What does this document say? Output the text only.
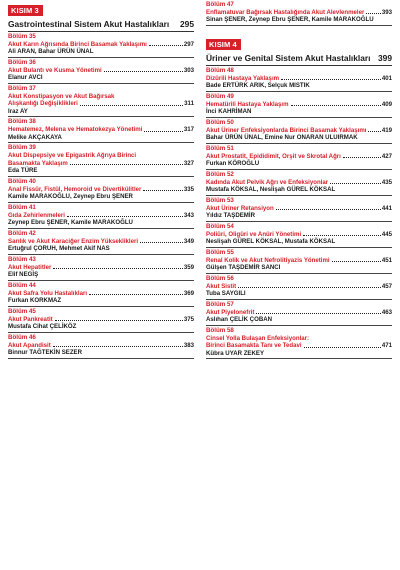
KISIM 3
Gastrointestinal Sistem Akut Hastalıkları 295
Bölüm 35
Akut Karın Ağrısında Birinci Basamak Yaklaşımı	297
Ali ARAN, Bahar ÜRÜN ÜNAL
Bölüm 36
Akut Bulantı ve Kusma Yönetimi	303
Elanur AVCI
Bölüm 37
Akut Konstipasyon ve Akut Bağırsak
Alışkanlığı Değişiklikleri	311
Iraz AY
Bölüm 38
Hematemez, Melena ve Hematokezya Yönetimi	317
Melike AKÇAKAYA
Bölüm 39
Akut Dispepsiye ve Epigastrik Ağrıya Birinci
Basamakta Yaklaşım	327
Eda TÜRE
Bölüm 40
Anal Fissür, Fistül, Hemoroid ve Divertikülitler	335
Kamile MARAKOĞLU, Zeynep Ebru ŞENER
Bölüm 41
Gıda Zehirlenmeleri	343
Zeynep Ebru ŞENER, Kamile MARAKOĞLU
Bölüm 42
Sarılık ve Akut Karaciğer Enzim Yükseklikleri	349
Ertuğrul ÇORUH, Mehmet Akif NAS
Bölüm 43
Akut Hepatitler	359
Elif NEGİŞ
Bölüm 44
Akut Safra Yolu Hastalıkları	369
Furkan KORKMAZ
Bölüm 45
Akut Pankreatit	375
Mustafa Cihat ÇELİKÖZ
Bölüm 46
Akut Apandisit	383
Binnur TAĞTEKİN SEZER
Bölüm 47
Enflamatuvar Bağırsak Hastalığında Akut Alevlenmeler	393
Sinan ŞENER, Zeynep Ebru ŞENER, Kamile MARAKOĞLU
KISIM 4
Üriner ve Genital Sistem Akut Hastalıkları 399
Bölüm 48
Dizürili Hastaya Yaklaşım	401
Bade ERTÜRK ARIK, Selçuk MISTIK
Bölüm 49
Hematürili Hastaya Yaklaşım	409
İnci KAHRİMAN
Bölüm 50
Akut Üriner Enfeksiyonlarda Birinci Basamak Yaklaşımı	419
Bahar ÜRÜN ÜNAL, Emine Nur ONARAN ULUIRMAK
Bölüm 51
Akut Prostatit, Epididimit, Orşit ve Skrotal Ağrı	427
Furkan KÖROĞLU
Bölüm 52
Kadında Akut Pelvik Ağrı ve Enfeksiyonlar	435
Mustafa KÖKSAL, Neslişah GÜREL KÖKSAL
Bölüm 53
Akut Üriner Retansiyon	441
Yıldız TAŞDEMİR
Bölüm 54
Poliüri, Oligüri ve Anüri Yönetimi	445
Neslişah GÜREL KÖKSAL, Mustafa KÖKSAL
Bölüm 55
Renal Kolik ve Akut Nefrolitiyazis Yönetimi	451
Gülşen TAŞDEMİR SANCI
Bölüm 56
Akut Sistit	457
Tuba SAYGILI
Bölüm 57
Akut Piyelonefrit	463
Aslıhan ÇELİK ÇOBAN
Bölüm 58
Cinsel Yolla Bulaşan Enfeksiyonlar:
Birinci Basamakta Tanı ve Tedavi	471
Kübra UYAR ZEKEY
